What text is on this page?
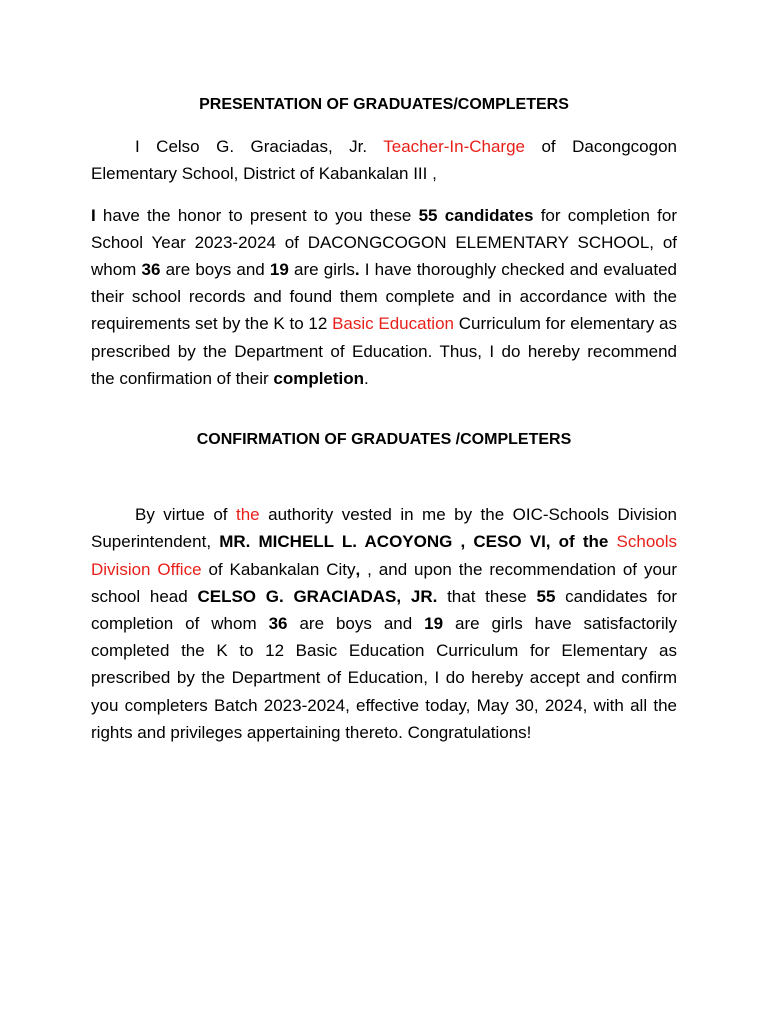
PRESENTATION OF GRADUATES/COMPLETERS

I Celso G. Graciadas, Jr. Teacher-In-Charge of Dacongcogon Elementary School, District of Kabankalan III ,

I have the honor to present to you these 55 candidates for completion for School Year 2023-2024 of DACONGCOGON ELEMENTARY SCHOOL, of whom 36 are boys and 19 are girls. I have thoroughly checked and evaluated their school records and found them complete and in accordance with the requirements set by the K to 12 Basic Education Curriculum for elementary as prescribed by the Department of Education. Thus, I do hereby recommend the confirmation of their completion.

CONFIRMATION OF GRADUATES /COMPLETERS

By virtue of the authority vested in me by the OIC-Schools Division Superintendent, MR. MICHELL L. ACOYONG , CESO VI, of the Schools Division Office of Kabankalan City, , and upon the recommendation of your school head CELSO G. GRACIADAS, JR. that these 55 candidates for completion of whom 36 are boys and 19 are girls have satisfactorily completed the K to 12 Basic Education Curriculum for Elementary as prescribed by the Department of Education, I do hereby accept and confirm you completers Batch 2023-2024, effective today, May 30, 2024, with all the rights and privileges appertaining thereto. Congratulations!
